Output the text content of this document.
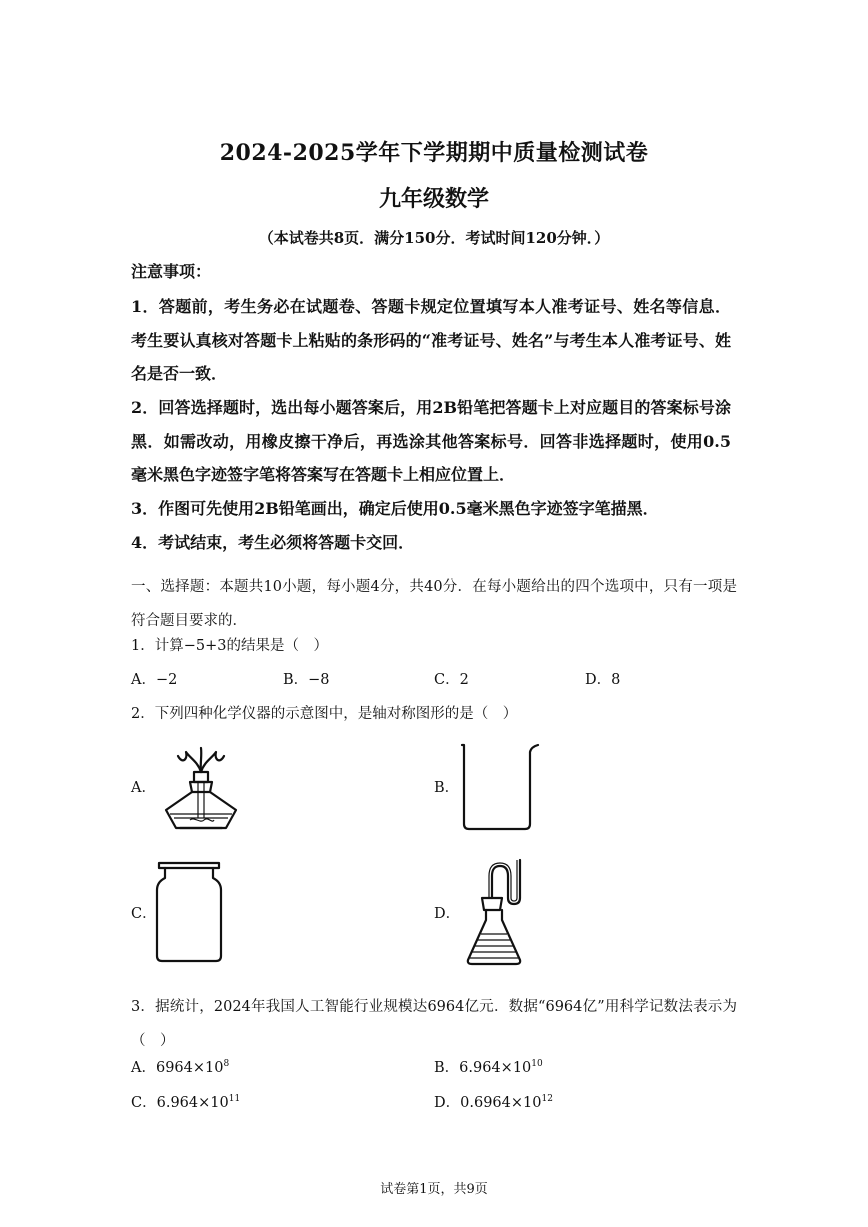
2024-2025学年下学期期中质量检测试卷
九年级数学
（本试卷共8页．满分150分．考试时间120分钟．）
注意事项：
1．答题前，考生务必在试题卷、答题卡规定位置填写本人准考证号、姓名等信息．考生要认真核对答题卡上粘贴的条形码的“准考证号、姓名”与考生本人准考证号、姓名是否一致．
2．回答选择题时，选出每小题答案后，用2B铅笔把答题卡上对应题目的答案标号涂黑．如需改动，用橡皮擦干净后，再选涂其他答案标号．回答非选择题时，使用0.5毫米黑色字迹签字笔将答案写在答题卡上相应位置上．
3．作图可先使用2B铅笔画出，确定后使用0.5毫米黑色字迹签字笔描黑．
4．考试结束，考生必须将答题卡交回．
一、选择题：本题共10小题，每小题4分，共40分．在每小题给出的四个选项中，只有一项是符合题目要求的．
1．计算−5+3的结果是（　）
A．−2	B．−8	C．2	D．8
2．下列四种化学仪器的示意图中，是轴对称图形的是（　）
A．	B．
C．	D．
3．据统计，2024年我国人工智能行业规模达6964亿元．数据“6964亿”用科学记数法表示为（　）
A．$6964\times 10^8$	B．$6.964\times 10^{10}$
C．$6.964\times 10^{11}$	D．$0.6964\times 10^{12}$
试卷第1页，共9页
